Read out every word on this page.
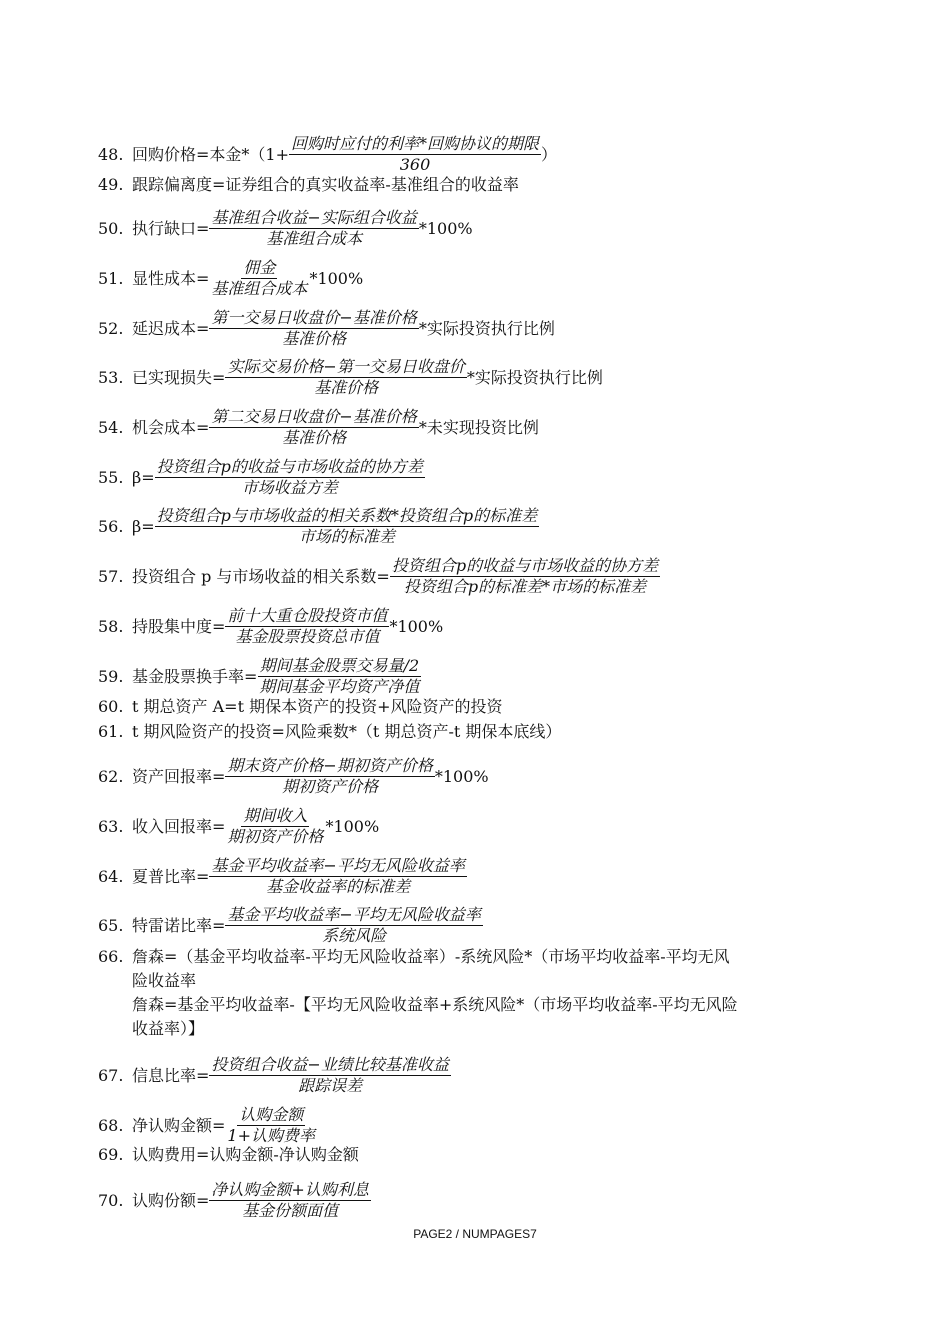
48. 回购价格=本金$*(1+ \frac{\text{回购时应付的利率*回购协议的期限}}{360}$ ）
49. 跟踪偏离度=证券组合的真实收益率-基准组合的收益率
50. 执行缺口= $\frac{\text{基准组合收益−实际组合收益}}{\text{基准组合成本}} *100\%$
51. 显性成本= $\frac{\text{佣金}}{\text{基准组合成本}} *100\%$
52. 延迟成本= $\frac{\text{第一交易日收盘价−基准价格}}{\text{基准价格}}$ *实际投资执行比例
53. 已实现损失= $\frac{\text{实际交易价格−第一交易日收盘价}}{\text{基准价格}}$ *实际投资执行比例
54. 机会成本= $\frac{\text{第二交易日收盘价−基准价格}}{\text{基准价格}}$ *未实现投资比例
55. $\beta= \frac{\text{投资组合p的收益与市场收益的协方差}}{\text{市场收益方差}}$
56. $\beta= \frac{\text{投资组合p与市场收益的相关系数*投资组合p的标准差}}{\text{市场的标准差}}$
57. 投资组合 p 与市场收益的相关系数= $\frac{\text{投资组合p的收益与市场收益的协方差}}{\text{投资组合p的标准差*市场的标准差}}$
58. 持股集中度= $\frac{\text{前十大重仓股投资市值}}{\text{基金股票投资总市值}} *100\%$
59. 基金股票换手率= $\frac{\text{期间基金股票交易量/2}}{\text{期间基金平均资产净值}}$
60. t 期总资产 A=t 期保本资产的投资+风险资产的投资
61. t 期风险资产的投资=风险乘数*（t 期总资产-t 期保本底线）
62. 资产回报率= $\frac{\text{期末资产价格−期初资产价格}}{\text{期初资产价格}} *100\%$
63. 收入回报率= $\frac{\text{期间收入}}{\text{期初资产价格}} *100\%$
64. 夏普比率= $\frac{\text{基金平均收益率−平均无风险收益率}}{\text{基金收益率的标准差}}$
65. 特雷诺比率= $\frac{\text{基金平均收益率−平均无风险收益率}}{\text{系统风险}}$
66. 詹森=（基金平均收益率-平均无风险收益率）-系统风险*（市场平均收益率-平均无风
险收益率
詹森=基金平均收益率-【平均无风险收益率+系统风险*（市场平均收益率-平均无风险
收益率）】
67. 信息比率= $\frac{\text{投资组合收益−业绩比较基准收益}}{\text{跟踪误差}}$
68. 净认购金额= $\frac{\text{认购金额}}{\text{1+认购费率}}$
69. 认购费用=认购金额-净认购金额
70. 认购份额= $\frac{\text{净认购金额+认购利息}}{\text{基金份额面值}}$
PAGE2 / NUMPAGES7
